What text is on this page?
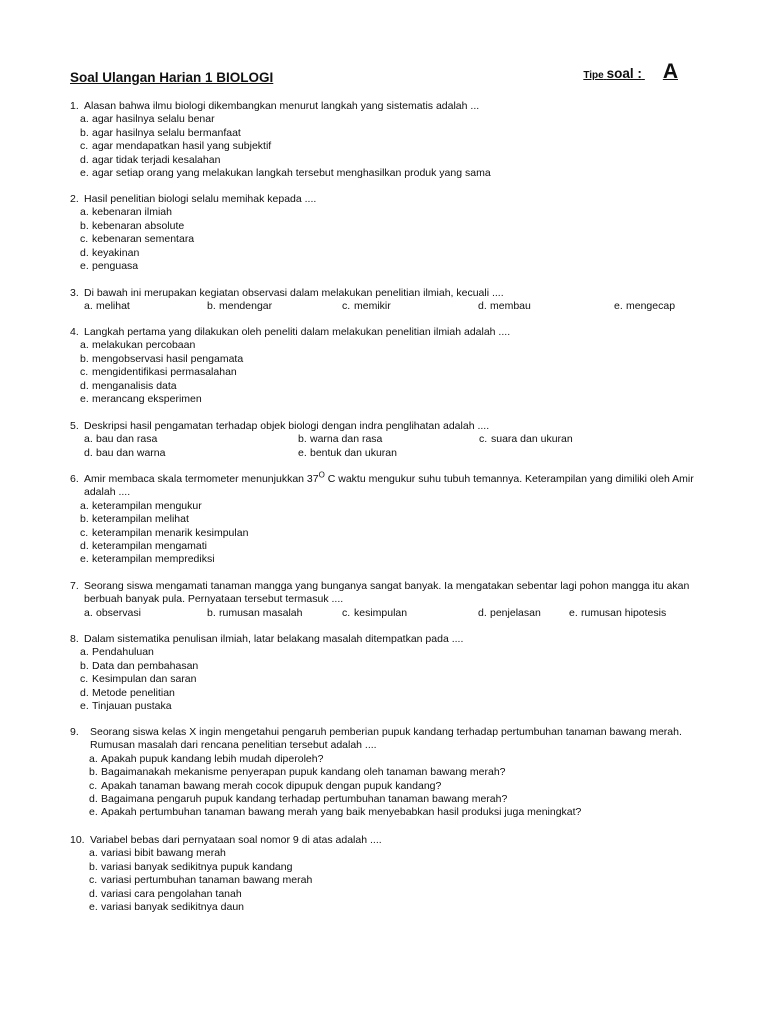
Soal Ulangan Harian 1 BIOLOGI	Tipe soal : A
1. Alasan bahwa ilmu biologi dikembangkan menurut langkah yang sistematis adalah ...
a. agar hasilnya selalu benar
b. agar hasilnya selalu bermanfaat
c. agar mendapatkan hasil yang subjektif
d. agar tidak terjadi kesalahan
e. agar setiap orang yang melakukan langkah tersebut menghasilkan produk yang sama
2. Hasil penelitian biologi selalu memihak kepada ....
a. kebenaran ilmiah
b. kebenaran absolute
c. kebenaran sementara
d. keyakinan
e. penguasa
3. Di bawah ini merupakan kegiatan observasi dalam melakukan penelitian ilmiah, kecuali ....
a. melihat	b. mendengar	c. memikir	d. membau	e. mengecap
4. Langkah pertama yang dilakukan oleh peneliti dalam melakukan penelitian ilmiah adalah ....
a. melakukan percobaan
b. mengobservasi hasil pengamata
c. mengidentifikasi permasalahan
d. menganalisis data
e. merancang eksperimen
5. Deskripsi hasil pengamatan terhadap objek biologi dengan indra penglihatan adalah ....
a. bau dan rasa	b. warna dan rasa	c. suara dan ukuran
d. bau dan warna	e. bentuk dan ukuran
6. Amir membaca skala termometer menunjukkan $37^O$ C waktu mengukur suhu tubuh temannya. Keterampilan yang dimiliki oleh Amir adalah ....
a. keterampilan mengukur
b. keterampilan melihat
c. keterampilan menarik kesimpulan
d. keterampilan mengamati
e. keterampilan memprediksi
7. Seorang siswa mengamati tanaman mangga yang bunganya sangat banyak. Ia mengatakan sebentar lagi pohon mangga itu akan berbuah banyak pula. Pernyataan tersebut termasuk ....
a. observasi	b. rumusan masalah	c. kesimpulan	d. penjelasan	e. rumusan hipotesis
8. Dalam sistematika penulisan ilmiah, latar belakang masalah ditempatkan pada ....
a. Pendahuluan
b. Data dan pembahasan
c. Kesimpulan dan saran
d. Metode penelitian
e. Tinjauan pustaka
9. Seorang siswa kelas X ingin mengetahui pengaruh pemberian pupuk kandang terhadap pertumbuhan tanaman bawang merah. Rumusan masalah dari rencana penelitian tersebut adalah ....
a. Apakah pupuk kandang lebih mudah diperoleh?
b. Bagaimanakah mekanisme penyerapan pupuk kandang oleh tanaman bawang merah?
c. Apakah tanaman bawang merah cocok dipupuk dengan pupuk kandang?
d. Bagaimana pengaruh pupuk kandang terhadap pertumbuhan tanaman bawang merah?
e. Apakah pertumbuhan tanaman bawang merah yang baik menyebabkan hasil produksi juga meningkat?
10. Variabel bebas dari pernyataan soal nomor 9 di atas adalah ....
a. variasi bibit bawang merah
b. variasi banyak sedikitnya pupuk kandang
c. variasi pertumbuhan tanaman bawang merah
d. variasi cara pengolahan tanah
e. variasi banyak sedikitnya daun
